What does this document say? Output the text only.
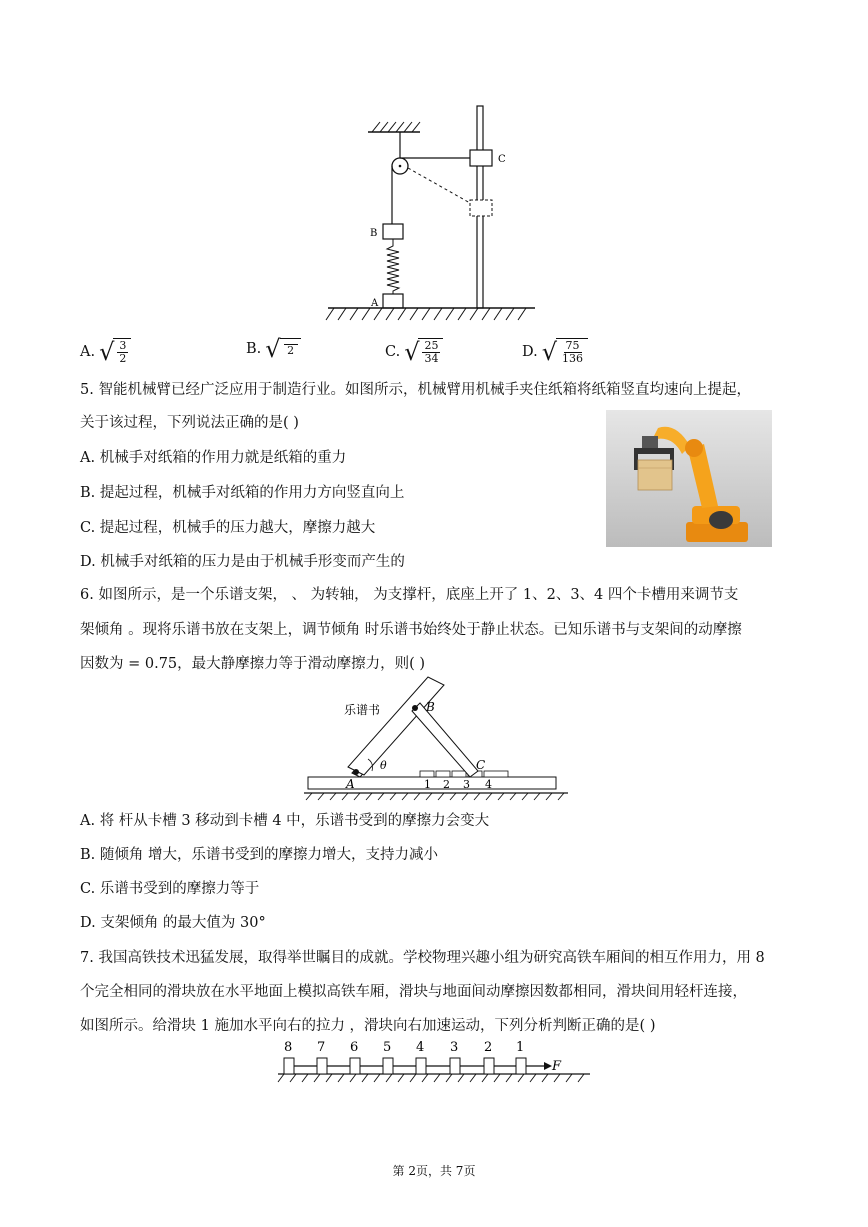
C
B
A
A. √ $\frac{3}{2}$	B. √ 2	C. √ $\frac{25}{34}$	D. √ $\frac{75}{136}$
5. 智能机械臂已经广泛应用于制造行业。如图所示，机械臂用机械手夹住纸箱将纸箱竖直均速向上提起，
关于该过程，下列说法正确的是( )
A. 机械手对纸箱的作用力就是纸箱的重力
B. 提起过程，机械手对纸箱的作用力方向竖直向上
C. 提起过程，机械手的压力越大，摩擦力越大
D. 机械手对纸箱的压力是由于机械手形变而产生的
6. 如图所示，是一个乐谱支架， 、 为转轴， 为支撑杆，底座上开了 1、2、3、4 四个卡槽用来调节支
架倾角 。现将乐谱书放在支架上，调节倾角 时乐谱书始终处于静止状态。已知乐谱书与支架间的动摩擦
因数为 = 0.75，最大静摩擦力等于滑动摩擦力，则( )
乐谱书	B
A
C
θ
1 2 3 4
A. 将 杆从卡槽 3 移动到卡槽 4 中，乐谱书受到的摩擦力会变大
B. 随倾角 增大，乐谱书受到的摩擦力增大，支持力减小
C. 乐谱书受到的摩擦力等于
D. 支架倾角 的最大值为 30°
7. 我国高铁技术迅猛发展，取得举世瞩目的成就。学校物理兴趣小组为研究高铁车厢间的相互作用力，用 8
个完全相同的滑块放在水平地面上模拟高铁车厢，滑块与地面间动摩擦因数都相同，滑块间用轻杆连接，
如图所示。给滑块 1 施加水平向右的拉力 ，滑块向右加速运动，下列分析判断正确的是( )
8 7 6 5 4 3 2 1
F
第 2页，共 7页
